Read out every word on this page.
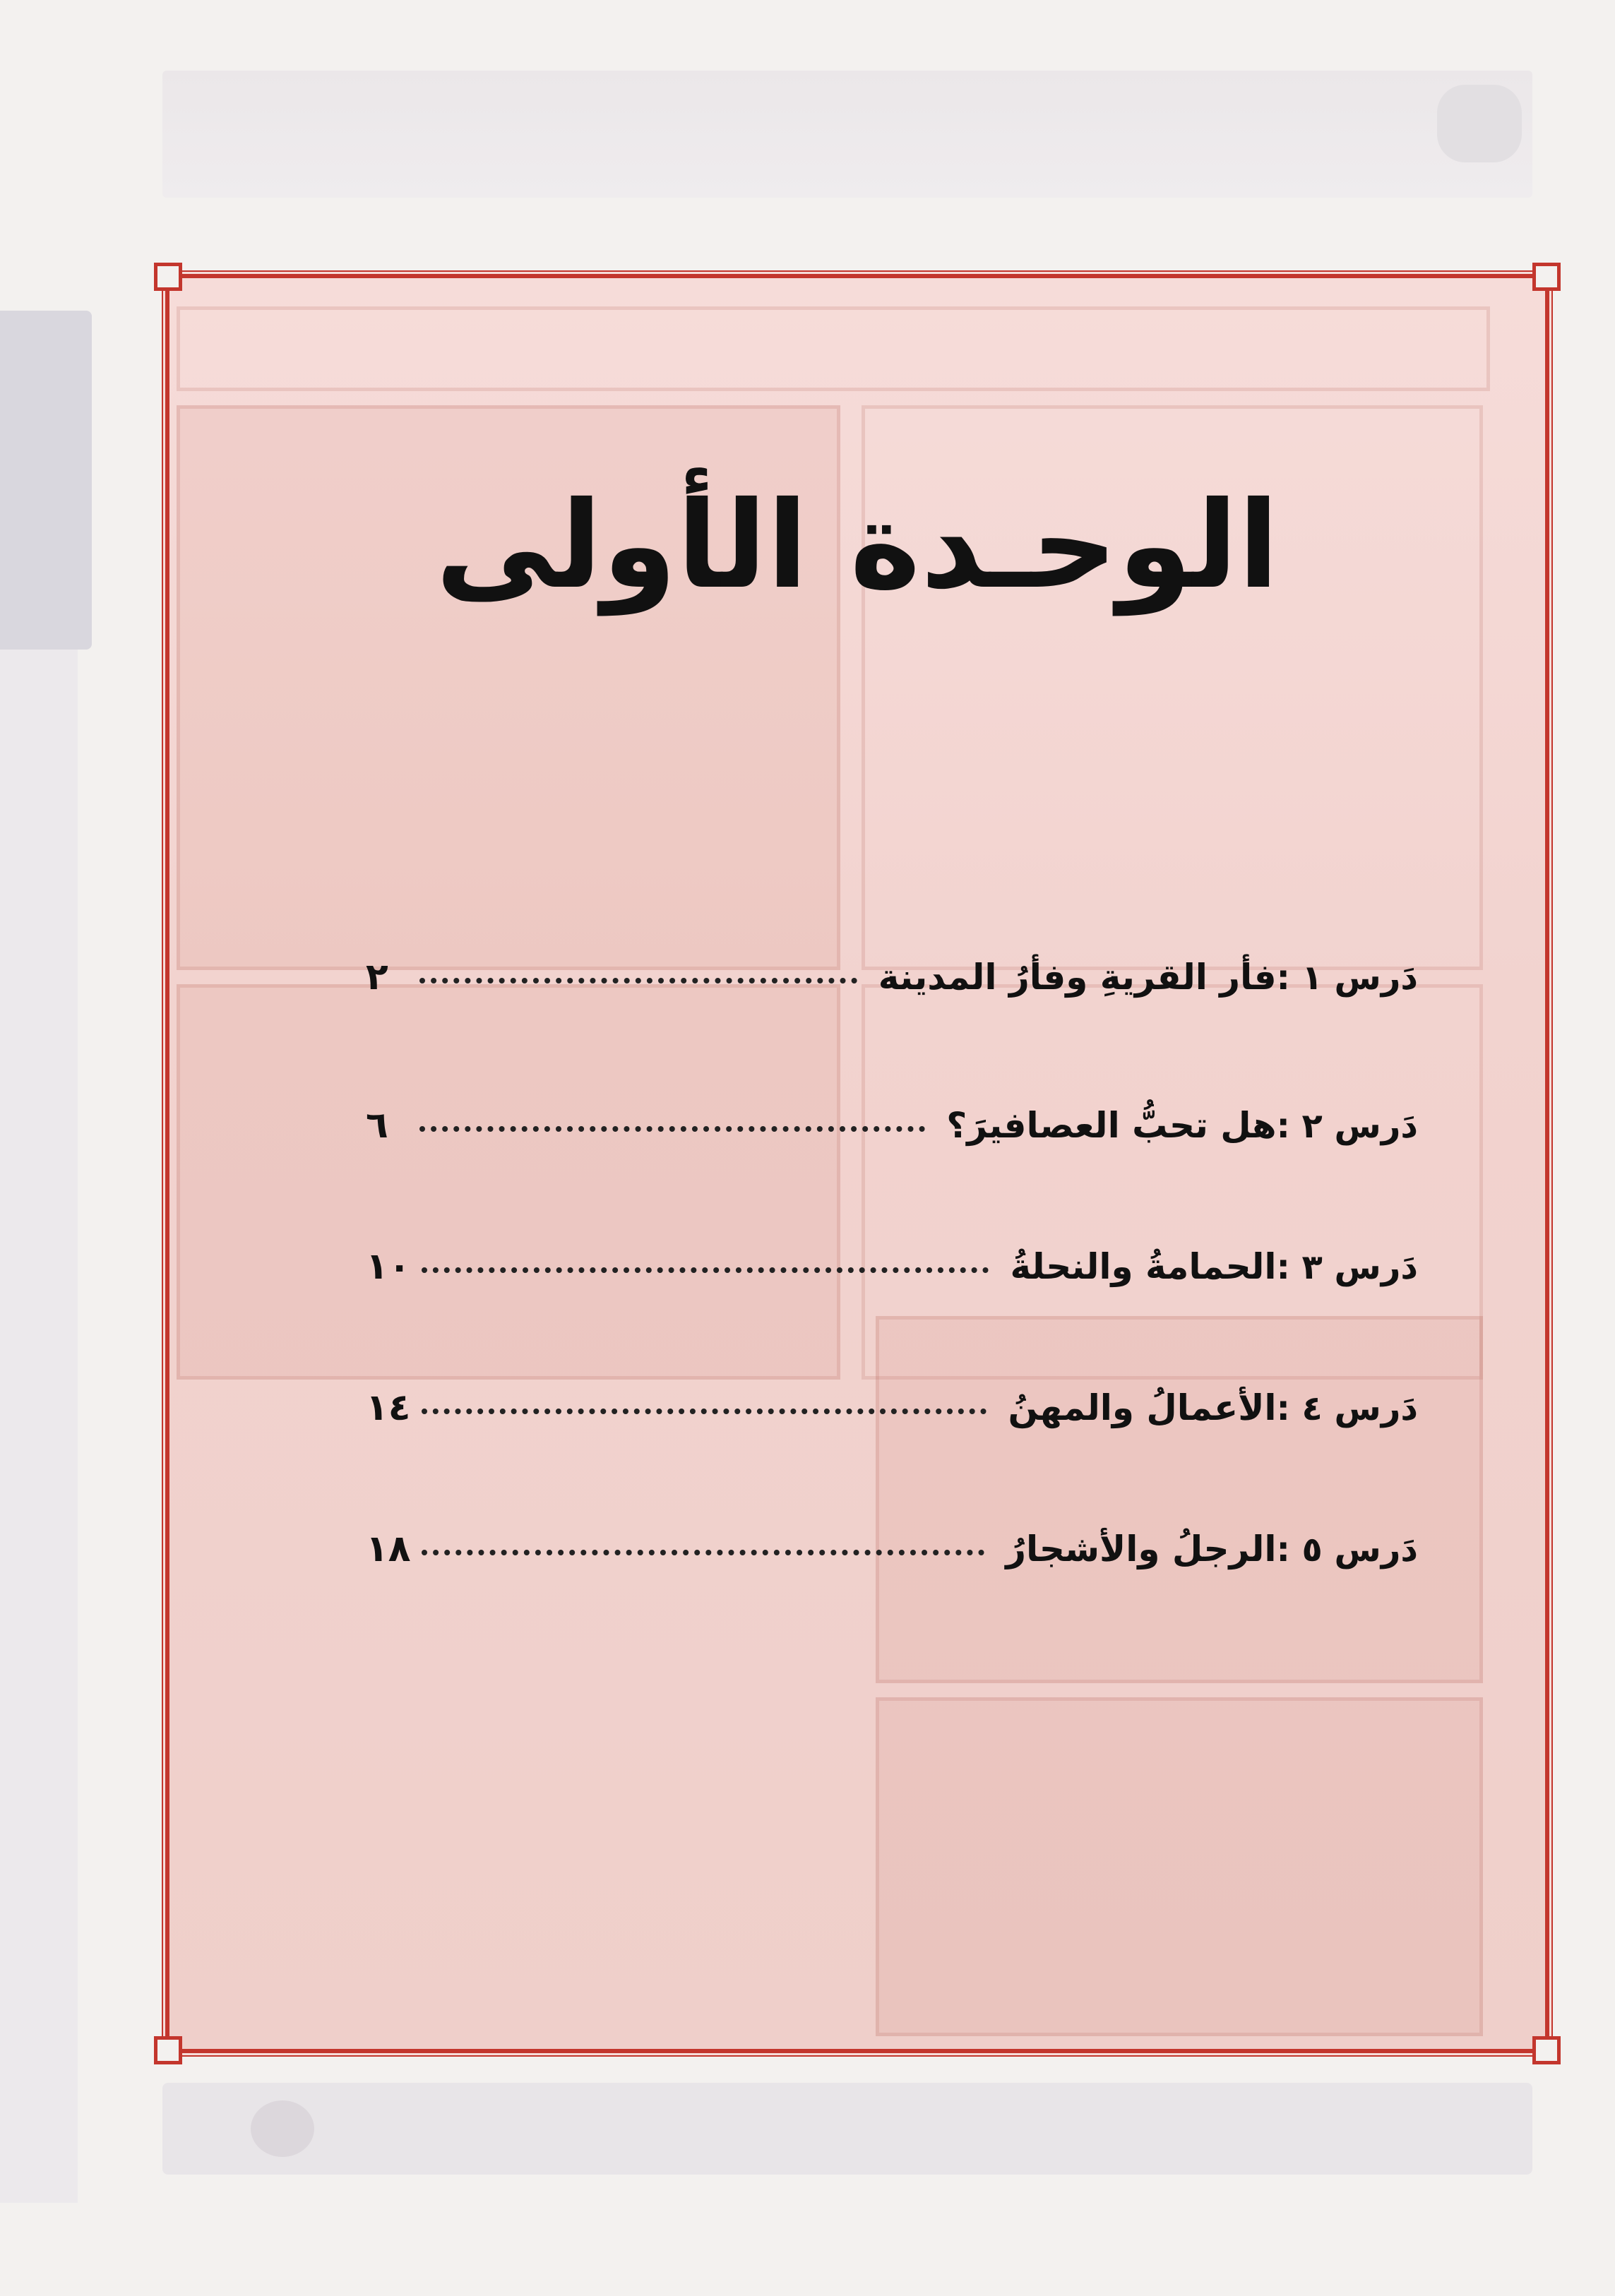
الوحـدة الأولى
دَرس ١ :
فأر القريةِ وفأرُ المدينة
٢
دَرس ٢ :
هل تحبُّ العصافيرَ؟
٦
دَرس ٣ :
الحمامةُ والنحلةُ
١٠
دَرس ٤ :
الأعمالُ والمهنُ
١٤
دَرس ٥ :
الرجلُ والأشجارُ
١٨
